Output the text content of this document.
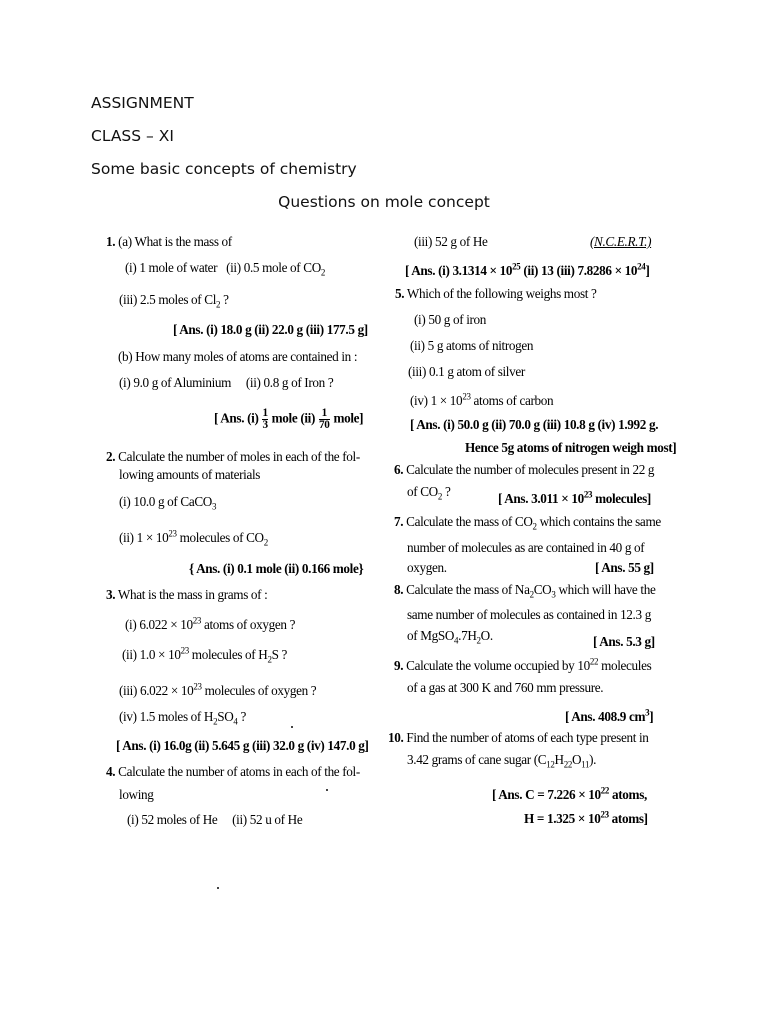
ASSIGNMENT
CLASS – XI
Some basic concepts of chemistry
Questions on mole concept
1. (a) What is the mass of
(i) 1 mole of water (ii) 0.5 mole of $CO_2$
(iii) 2.5 moles of $Cl_2$ ?
[ Ans. (i) 18.0 g (ii) 22.0 g (iii) 177.5 g]
(b) How many moles of atoms are contained in :
(i) 9.0 g of Aluminium (ii) 0.8 g of Iron ?
[ Ans. $(i) \frac{1}{3}$ mole $(ii) \frac{1}{70}$ mole]
2. Calculate the number of moles in each of the fol-
lowing amounts of materials
(i) 10.0 g of CaCO$_3$
(ii) $1 \times 10^{23}$ molecules of $CO_2$
{ Ans. (i) 0.1 mole (ii) 0.166 mole}
3. What is the mass in grams of :
(i) $6.022 \times 10^{23}$ atoms of oxygen ?
(ii) $1.0 \times 10^{23}$ molecules of $H_2S$ ?
(iii) $6.022 \times 10^{23}$ molecules of oxygen ?
(iv) 1.5 moles of $H_2SO_4$ ?
[ Ans. (i) 16.0g (ii) 5.645 g (iii) 32.0 g (iv) 147.0 g]
4. Calculate the number of atoms in each of the fol-
lowing
(i) 52 moles of He (ii) 52 u of He
(iii) 52 g of He	(N.C.E.R.T.)
[ Ans. (i) $3.1314 \times 10^{25}$ (ii) 13 (iii) $7.8286 \times 10^{24}$]
5. Which of the following weighs most ?
(i) 50 g of iron
(ii) 5 g atoms of nitrogen
(iii) 0.1 g atom of silver
(iv) $1 \times 10^{23}$ atoms of carbon
[ Ans. (i) 50.0 g (ii) 70.0 g (iii) 10.8 g (iv) 1.992 g.
Hence 5g atoms of nitrogen weigh most]
6. Calculate the number of molecules present in 22 g
of $CO_2$ ?	[ Ans. $3.011 \times 10^{23}$ molecules]
7. Calculate the mass of $CO_2$ which contains the same
number of molecules as are contained in 40 g of
oxygen.	[ Ans. 55 g]
8. Calculate the mass of $Na_2CO_3$ which will have the
same number of molecules as contained in 12.3 g
of $MgSO_4.7H_2O$.	[ Ans. 5.3 g]
9. Calculate the volume occupied by $10^{22}$ molecules
of a gas at 300 K and 760 mm pressure.
[ Ans. 408.9 $cm^3$]
10. Find the number of atoms of each type present in
3.42 grams of cane sugar $(C_{12}H_{22}O_{11})$.
[ Ans. $C = 7.226 \times 10^{22}$ atoms,
$H = 1.325 \times 10^{23}$ atoms]
